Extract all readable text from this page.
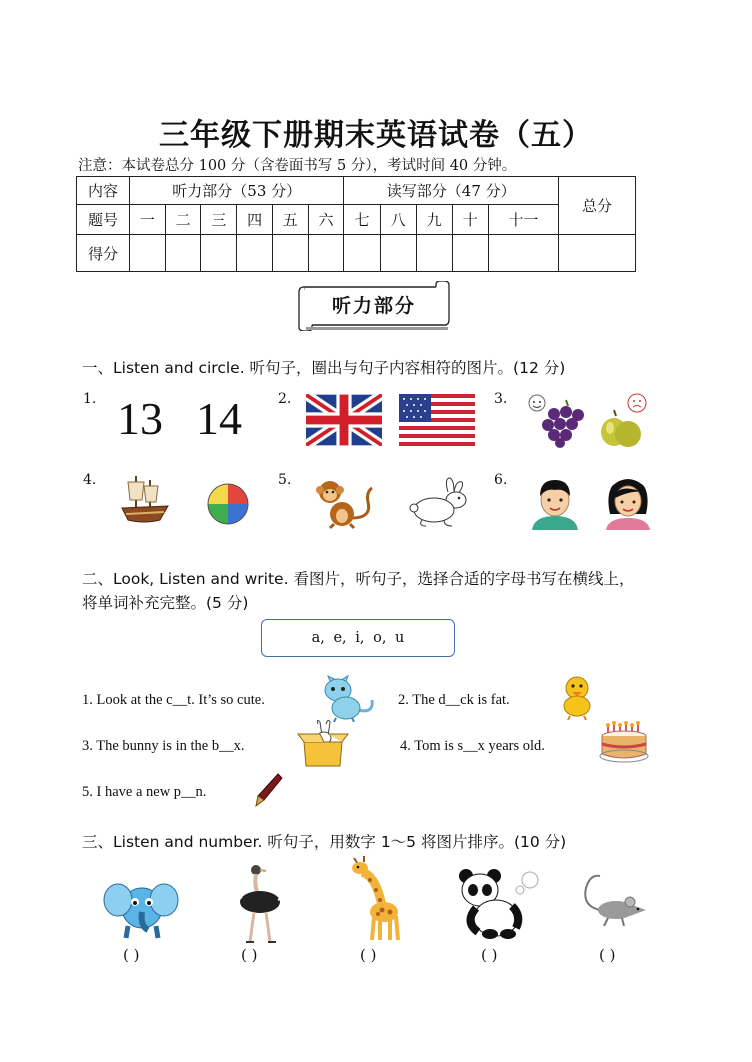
三年级下册期末英语试卷（五）
注意：本试卷总分 100 分（含卷面书写 5 分），考试时间 40 分钟。
内容	听力部分（53 分）						读写部分（47 分）					总分
题号	一	二	三	四	五	六	七	八	九	十	十一	
得分												
听力部分
一、Listen and circle. 听句子，圈出与句子内容相符的图片。(12 分)
1. 13 14	2.	3.
4.	5.	6.
二、Look, Listen and write. 看图片，听句子，选择合适的字母书写在横线上，
将单词补充完整。(5 分)
a, e, i, o, u
1. Look at the c__t. It’s so cute.	2. The d__ck is fat.
3. The bunny is in the b__x.	4. Tom is s__x years old.
5. I have a new p__n.
三、Listen and number. 听句子，用数字 1～5 将图片排序。(10 分)
( )	( )	( )	( )	( )
